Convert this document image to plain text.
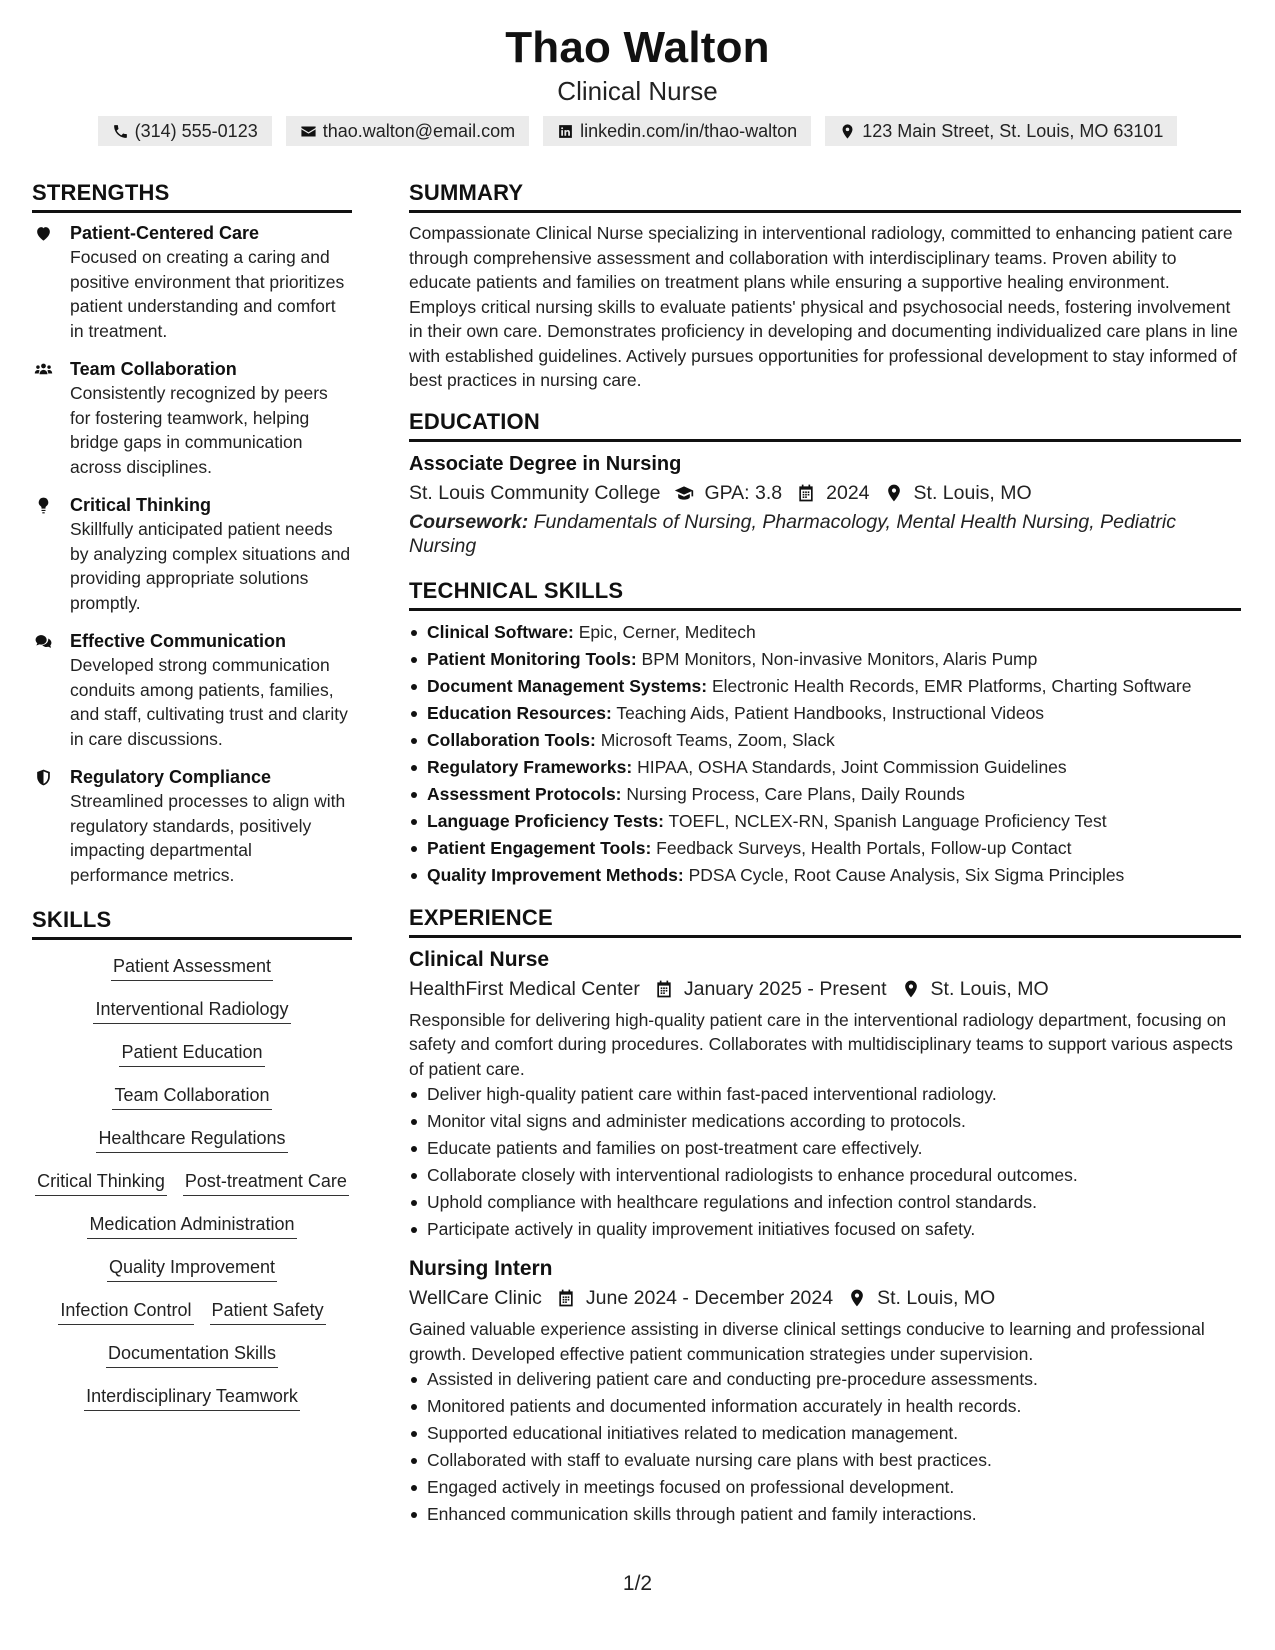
Thao Walton
Clinical Nurse
(314) 555-0123	thao.walton@email.com	linkedin.com/in/thao-walton	123 Main Street, St. Louis, MO 63101
STRENGTHS
Patient-Centered Care
Focused on creating a caring and positive environment that prioritizes patient understanding and comfort in treatment.
Team Collaboration
Consistently recognized by peers for fostering teamwork, helping bridge gaps in communication across disciplines.
Critical Thinking
Skillfully anticipated patient needs by analyzing complex situations and providing appropriate solutions promptly.
Effective Communication
Developed strong communication conduits among patients, families, and staff, cultivating trust and clarity in care discussions.
Regulatory Compliance
Streamlined processes to align with regulatory standards, positively impacting departmental performance metrics.
SKILLS
Patient Assessment
Interventional Radiology
Patient Education
Team Collaboration
Healthcare Regulations
Critical Thinking Post-treatment Care
Medication Administration
Quality Improvement
Infection Control Patient Safety
Documentation Skills
Interdisciplinary Teamwork
SUMMARY
Compassionate Clinical Nurse specializing in interventional radiology, committed to enhancing patient care through comprehensive assessment and collaboration with interdisciplinary teams. Proven ability to educate patients and families on treatment plans while ensuring a supportive healing environment. Employs critical nursing skills to evaluate patients' physical and psychosocial needs, fostering involvement in their own care. Demonstrates proficiency in developing and documenting individualized care plans in line with established guidelines. Actively pursues opportunities for professional development to stay informed of best practices in nursing care.
EDUCATION
Associate Degree in Nursing
St. Louis Community College GPA: 3.8 2024 St. Louis, MO
Coursework: Fundamentals of Nursing, Pharmacology, Mental Health Nursing, Pediatric Nursing
TECHNICAL SKILLS
Clinical Software: Epic, Cerner, Meditech
Patient Monitoring Tools: BPM Monitors, Non-invasive Monitors, Alaris Pump
Document Management Systems: Electronic Health Records, EMR Platforms, Charting Software
Education Resources: Teaching Aids, Patient Handbooks, Instructional Videos
Collaboration Tools: Microsoft Teams, Zoom, Slack
Regulatory Frameworks: HIPAA, OSHA Standards, Joint Commission Guidelines
Assessment Protocols: Nursing Process, Care Plans, Daily Rounds
Language Proficiency Tests: TOEFL, NCLEX-RN, Spanish Language Proficiency Test
Patient Engagement Tools: Feedback Surveys, Health Portals, Follow-up Contact
Quality Improvement Methods: PDSA Cycle, Root Cause Analysis, Six Sigma Principles
EXPERIENCE
Clinical Nurse
HealthFirst Medical Center January 2025 - Present St. Louis, MO
Responsible for delivering high-quality patient care in the interventional radiology department, focusing on safety and comfort during procedures. Collaborates with multidisciplinary teams to support various aspects of patient care.
Deliver high-quality patient care within fast-paced interventional radiology.
Monitor vital signs and administer medications according to protocols.
Educate patients and families on post-treatment care effectively.
Collaborate closely with interventional radiologists to enhance procedural outcomes.
Uphold compliance with healthcare regulations and infection control standards.
Participate actively in quality improvement initiatives focused on safety.
Nursing Intern
WellCare Clinic June 2024 - December 2024 St. Louis, MO
Gained valuable experience assisting in diverse clinical settings conducive to learning and professional growth. Developed effective patient communication strategies under supervision.
Assisted in delivering patient care and conducting pre-procedure assessments.
Monitored patients and documented information accurately in health records.
Supported educational initiatives related to medication management.
Collaborated with staff to evaluate nursing care plans with best practices.
Engaged actively in meetings focused on professional development.
Enhanced communication skills through patient and family interactions.
1/2
